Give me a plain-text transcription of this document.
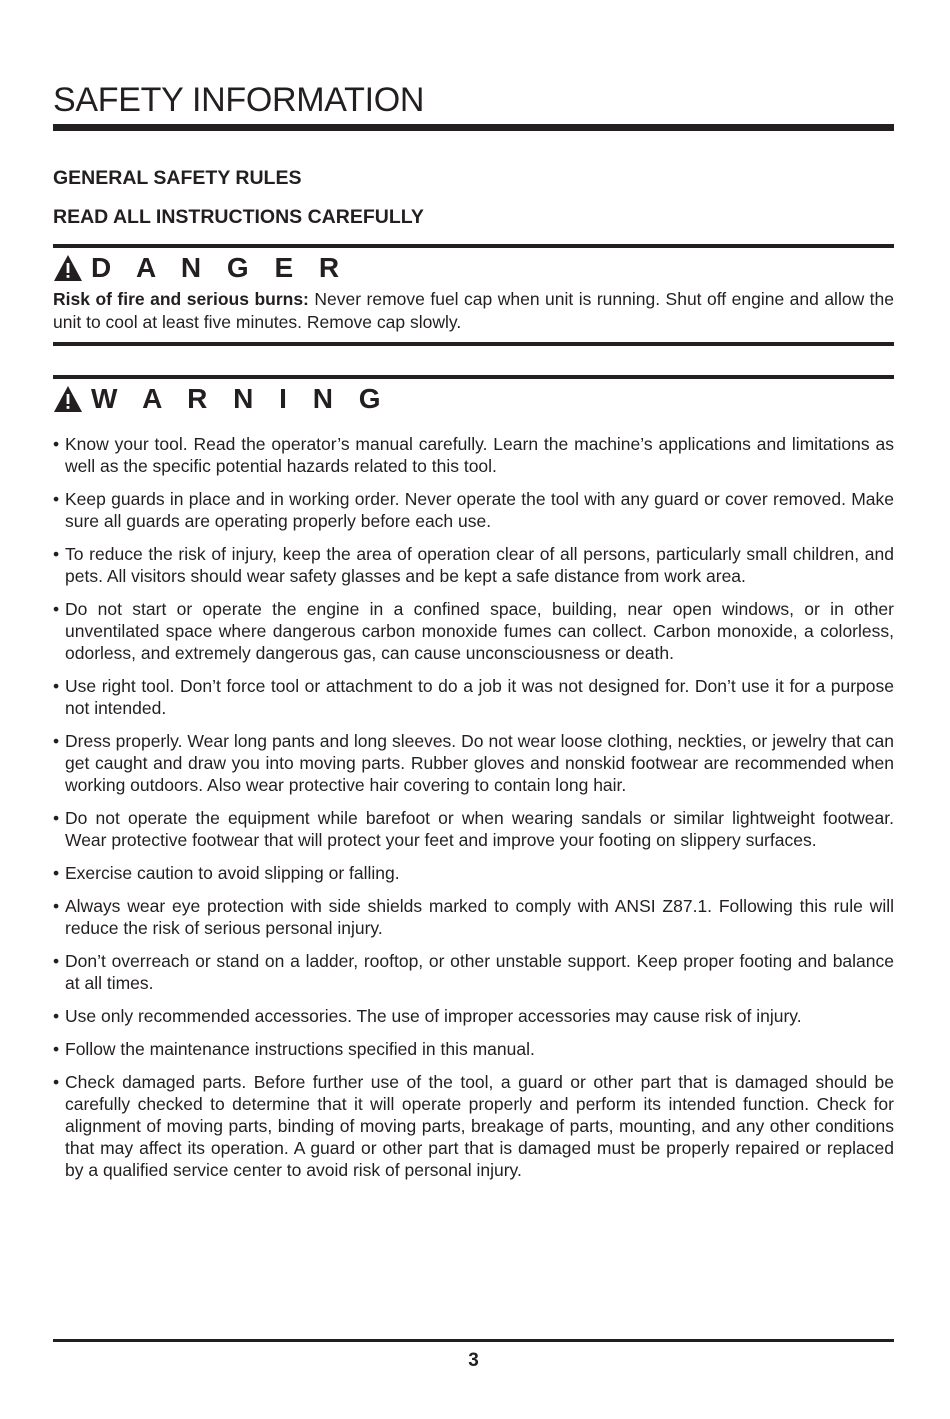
SAFETY INFORMATION
GENERAL SAFETY RULES
READ ALL INSTRUCTIONS CAREFULLY
D A N G E R

Risk of fire and serious burns: Never remove fuel cap when unit is running. Shut off engine and allow the unit to cool at least five minutes. Remove cap slowly.

W A R N I N G
• Know your tool. Read the operator’s manual carefully. Learn the machine’s applications and limitations as well as the specific potential hazards related to this tool.
• Keep guards in place and in working order. Never operate the tool with any guard or cover removed. Make sure all guards are operating properly before each use.
• To reduce the risk of injury, keep the area of operation clear of all persons, particularly small children, and pets. All visitors should wear safety glasses and be kept a safe distance from work area.
• Do not start or operate the engine in a confined space, building, near open windows, or in other unventilated space where dangerous carbon monoxide fumes can collect. Carbon monoxide, a colorless, odorless, and extremely dangerous gas, can cause unconsciousness or death.
• Use right tool. Don’t force tool or attachment to do a job it was not designed for. Don’t use it for a purpose not intended.
• Dress properly. Wear long pants and long sleeves. Do not wear loose clothing, neckties, or jewelry that can get caught and draw you into moving parts. Rubber gloves and nonskid footwear are recommended when working outdoors. Also wear protective hair covering to contain long hair.
• Do not operate the equipment while barefoot or when wearing sandals or similar lightweight footwear. Wear protective footwear that will protect your feet and improve your footing on slippery surfaces.
• Exercise caution to avoid slipping or falling.
• Always wear eye protection with side shields marked to comply with ANSI Z87.1. Following this rule will reduce the risk of serious personal injury.
• Don’t overreach or stand on a ladder, rooftop, or other unstable support. Keep proper footing and balance at all times.
• Use only recommended accessories. The use of improper accessories may cause risk of injury.
• Follow the maintenance instructions specified in this manual.
• Check damaged parts. Before further use of the tool, a guard or other part that is damaged should be carefully checked to determine that it will operate properly and perform its intended function. Check for alignment of moving parts, binding of moving parts, breakage of parts, mounting, and any other conditions that may affect its operation. A guard or other part that is damaged must be properly repaired or replaced by a qualified service center to avoid risk of personal injury.

3
